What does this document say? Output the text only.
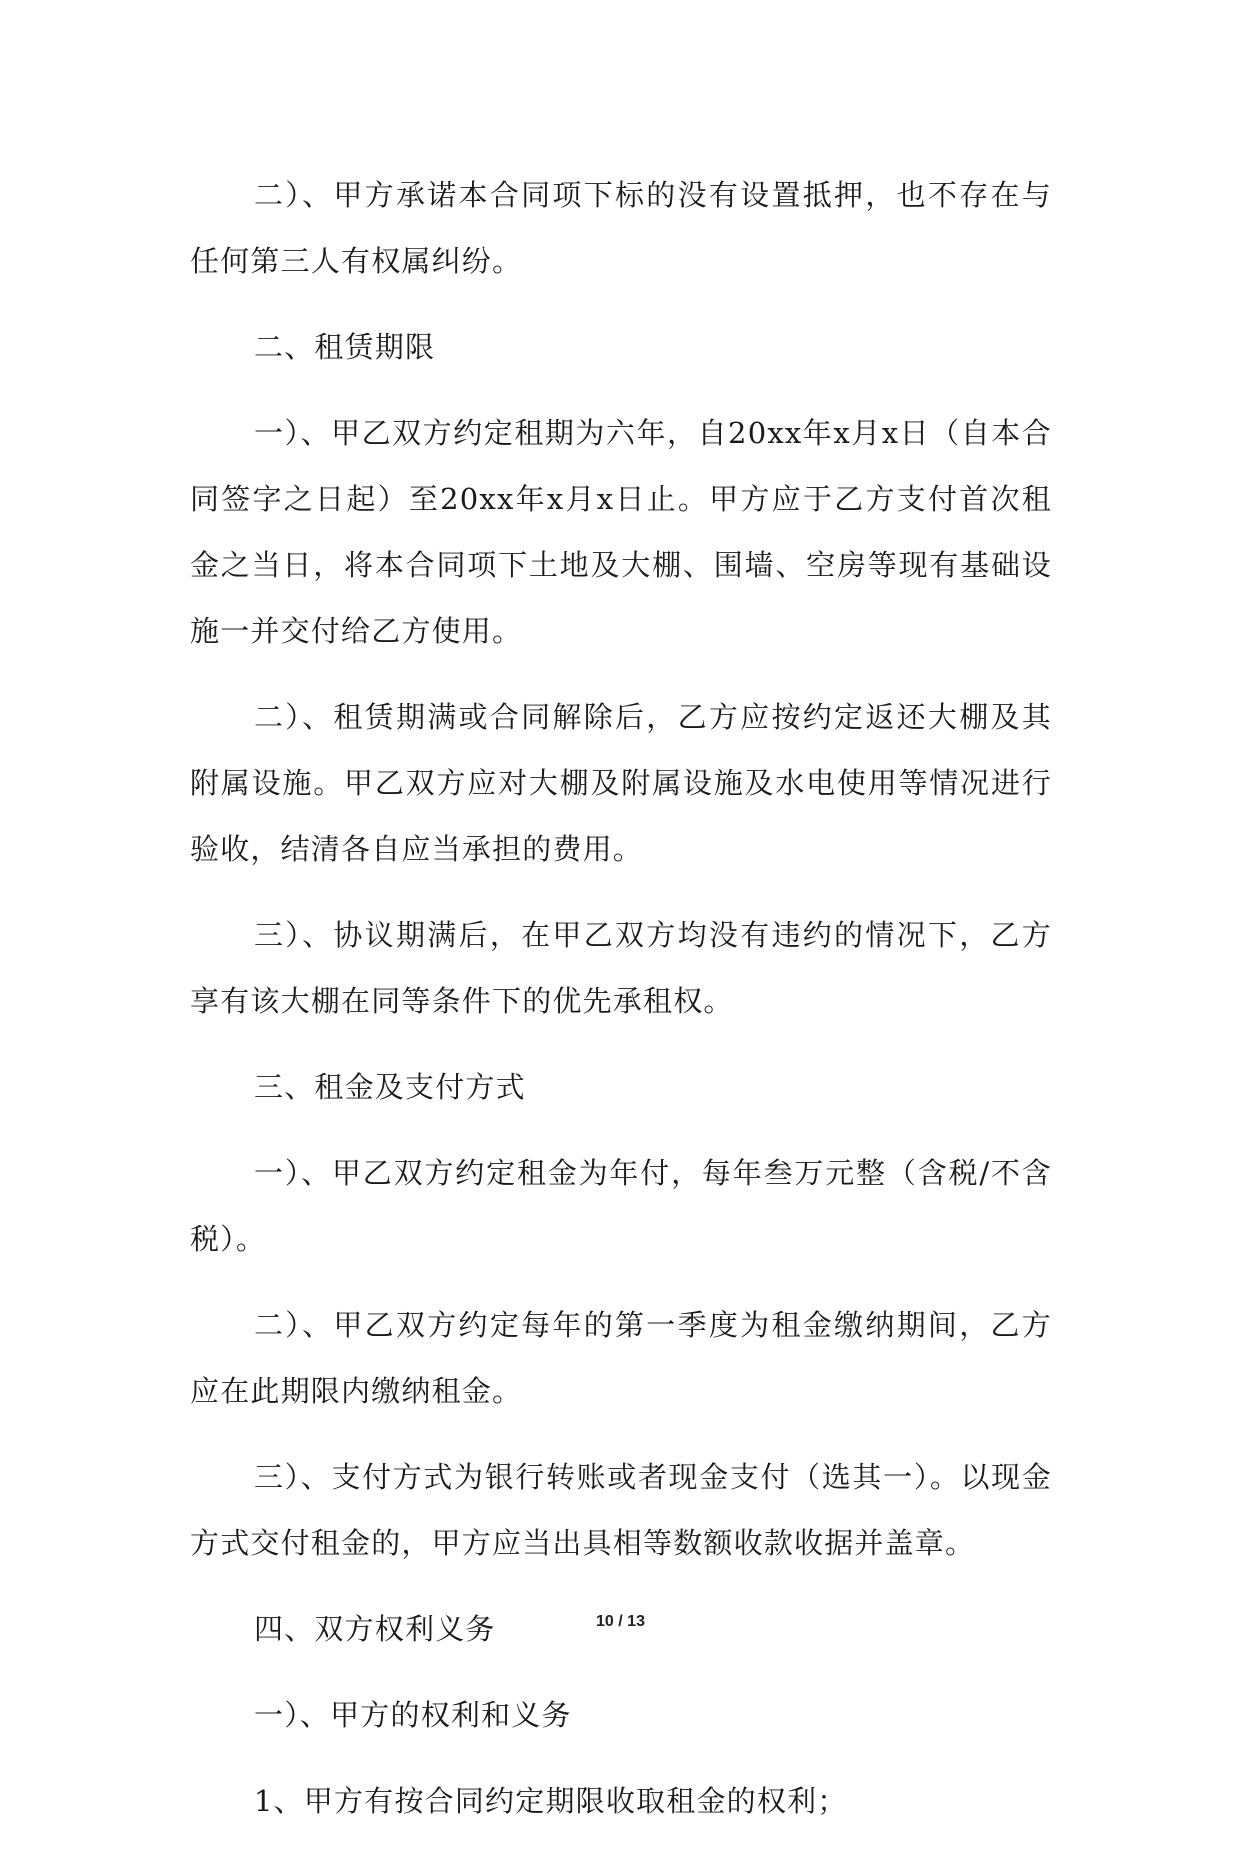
二）、甲方承诺本合同项下标的没有设置抵押，也不存在与任何第三人有权属纠纷。

二、租赁期限

一）、甲乙双方约定租期为六年，自20xx年x月x日（自本合同签字之日起）至20xx年x月x日止。甲方应于乙方支付首次租金之当日，将本合同项下土地及大棚、围墙、空房等现有基础设施一并交付给乙方使用。

二）、租赁期满或合同解除后，乙方应按约定返还大棚及其附属设施。甲乙双方应对大棚及附属设施及水电使用等情况进行验收，结清各自应当承担的费用。

三）、协议期满后，在甲乙双方均没有违约的情况下，乙方享有该大棚在同等条件下的优先承租权。

三、租金及支付方式

一）、甲乙双方约定租金为年付，每年叁万元整（含税/不含税）。

二）、甲乙双方约定每年的第一季度为租金缴纳期间，乙方应在此期限内缴纳租金。

三）、支付方式为银行转账或者现金支付（选其一）。以现金方式交付租金的，甲方应当出具相等数额收款收据并盖章。

四、双方权利义务

一）、甲方的权利和义务

1、甲方有按合同约定期限收取租金的权利；

10 / 13
